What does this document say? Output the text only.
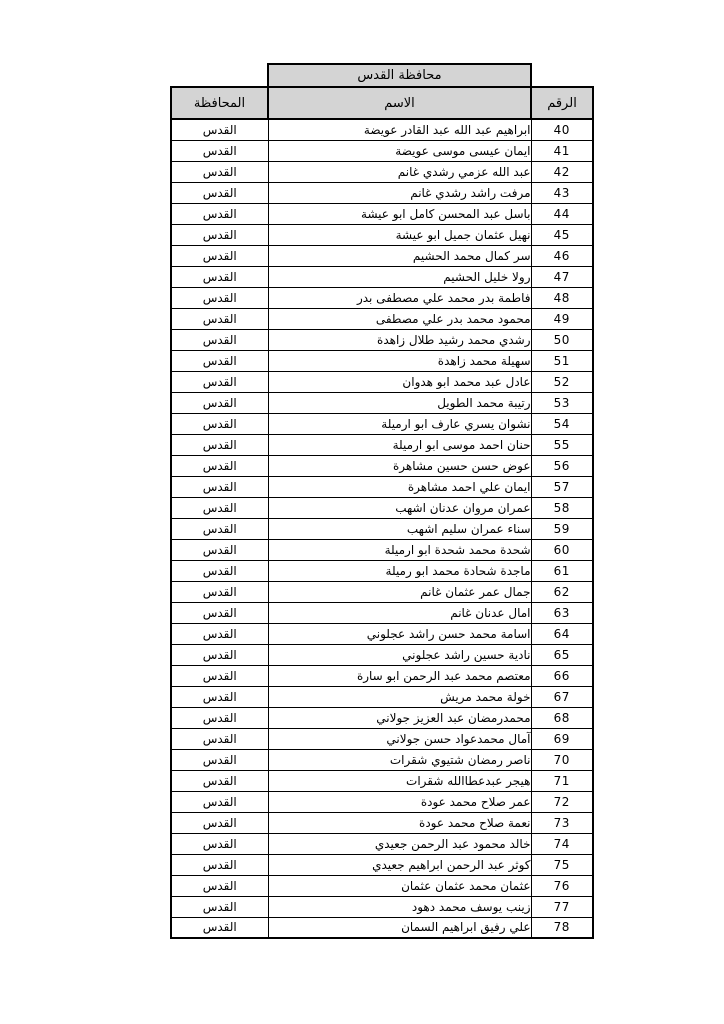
	محافظة القدس	
الرقم	الاسم	المحافظة
40	ابراهيم عبد الله عبد القادر عويضة	القدس
41	ايمان عيسى موسى عويضة	القدس
42	عبد الله عزمي رشدي غانم	القدس
43	مرفت راشد رشدي غانم	القدس
44	باسل عبد المحسن كامل ابو عيشة	القدس
45	نهيل عثمان جميل ابو عيشة	القدس
46	سر كمال محمد الحشيم	القدس
47	رولا خليل الحشيم	القدس
48	فاطمة بدر محمد علي مصطفى بدر	القدس
49	محمود محمد بدر علي مصطفى	القدس
50	رشدي محمد رشيد طلال زاهدة	القدس
51	سهيلة محمد زاهدة	القدس
52	عادل عبد محمد ابو هدوان	القدس
53	رتيبة محمد الطويل	القدس
54	نشوان يسري عارف ابو ارميلة	القدس
55	حنان احمد موسى ابو ارميلة	القدس
56	عوض حسن حسين مشاهرة	القدس
57	ايمان علي احمد مشاهرة	القدس
58	عمران مروان عدنان اشهب	القدس
59	سناء عمران سليم اشهب	القدس
60	شحدة محمد شحدة ابو ارميلة	القدس
61	ماجدة شحادة محمد ابو رميلة	القدس
62	جمال عمر عثمان غانم	القدس
63	امال عدنان غانم	القدس
64	اسامة محمد حسن راشد عجلوني	القدس
65	نادية حسين راشد عجلوني	القدس
66	معتصم محمد عبد الرحمن ابو سارة	القدس
67	خولة محمد مريش	القدس
68	محمدرمضان عبد العزيز جولاني	القدس
69	آمال محمدعواد حسن جولاني	القدس
70	ناصر رمضان شتيوي شقرات	القدس
71	هيجر عبدعطاالله شقرات	القدس
72	عمر صلاح محمد عودة	القدس
73	نعمة صلاح محمد عودة	القدس
74	خالد محمود عبد الرحمن جعيدي	القدس
75	كوثر عبد الرحمن ابراهيم جعيدي	القدس
76	عثمان محمد عثمان عثمان	القدس
77	زينب يوسف محمد دهود	القدس
78	علي رفيق ابراهيم السمان	القدس
